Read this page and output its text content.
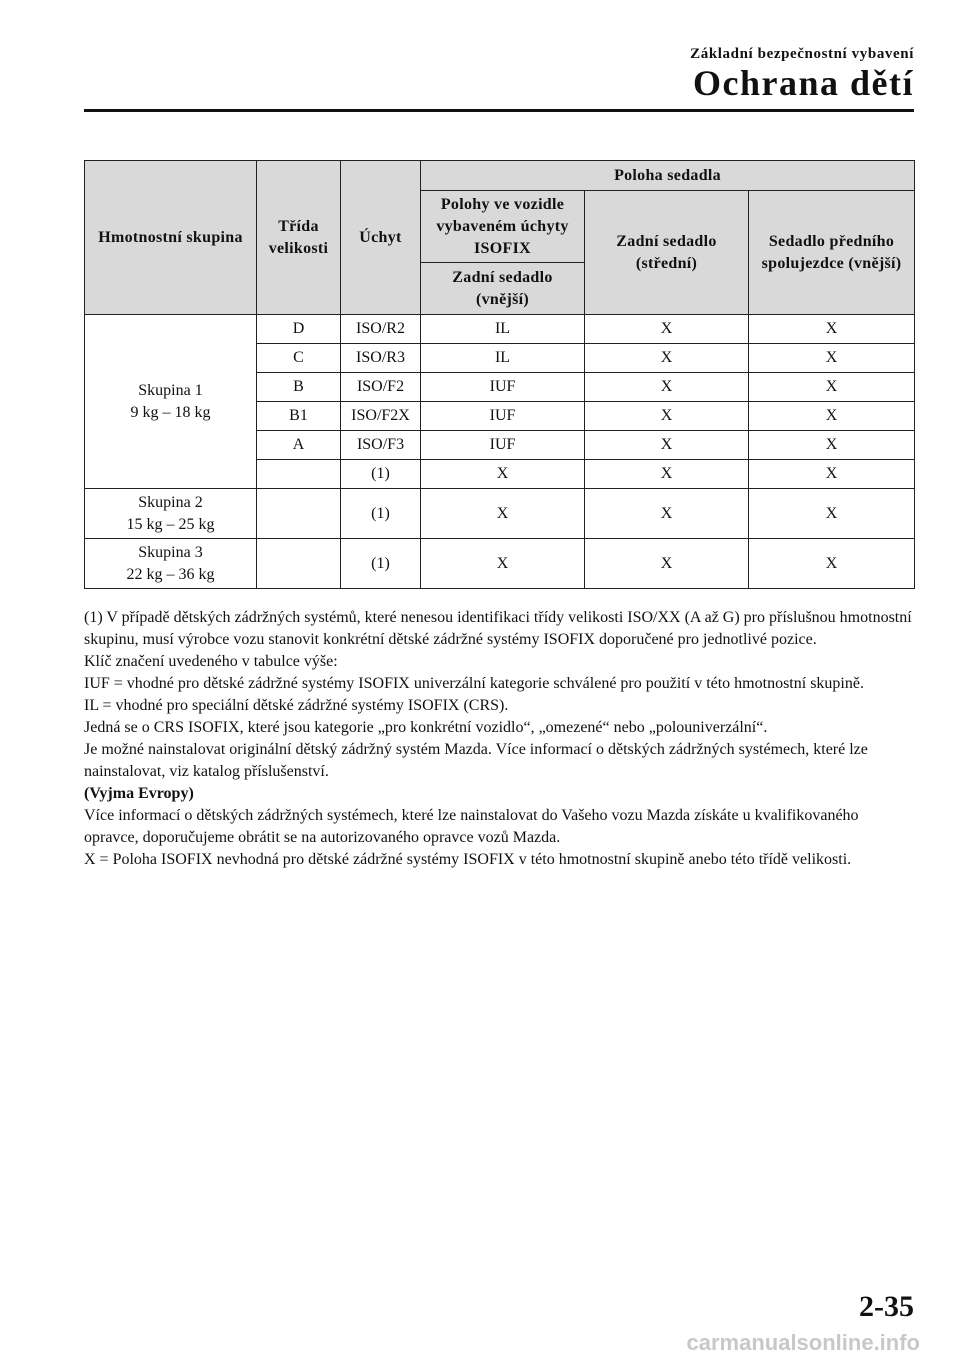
Základní bezpečnostní vybavení
Ochrana dětí
Hmotnostní skupina	Třída velikosti	Úchyt	Poloha sedadla		
			Polohy ve vozidle vybaveném úchyty ISOFIX	Zadní sedadlo (střední)	Sedadlo předního spolujezdce (vnější)
			Zadní sedadlo (vnější)		
Skupina 1
9 kg – 18 kg	D	ISO/R2	IL	X	X
	C	ISO/R3	IL	X	X
	B	ISO/F2	IUF	X	X
	B1	ISO/F2X	IUF	X	X
	A	ISO/F3	IUF	X	X
		(1)	X	X	X
Skupina 2
15 kg – 25 kg		(1)	X	X	X
Skupina 3
22 kg – 36 kg		(1)	X	X	X

(1) V případě dětských zádržných systémů, které nenesou identifikaci třídy velikosti ISO/XX (A až G) pro příslušnou hmotnostní skupinu, musí výrobce vozu stanovit konkrétní dětské zádržné systémy ISOFIX doporučené pro jednotlivé pozice.

Klíč značení uvedeného v tabulce výše:

IUF = vhodné pro dětské zádržné systémy ISOFIX univerzální kategorie schválené pro použití v této hmotnostní skupině.

IL = vhodné pro speciální dětské zádržné systémy ISOFIX (CRS).

Jedná se o CRS ISOFIX, které jsou kategorie „pro konkrétní vozidlo“, „omezené“ nebo „polouniverzální“.

Je možné nainstalovat originální dětský zádržný systém Mazda. Více informací o dětských zádržných systémech, které lze nainstalovat, viz katalog příslušenství.

(Vyjma Evropy)

Více informací o dětských zádržných systémech, které lze nainstalovat do Vašeho vozu Mazda získáte u kvalifikovaného opravce, doporučujeme obrátit se na autorizovaného opravce vozů Mazda.

X = Poloha ISOFIX nevhodná pro dětské zádržné systémy ISOFIX v této hmotnostní skupině anebo této třídě velikosti.

2-35
carmanualsonline.info
